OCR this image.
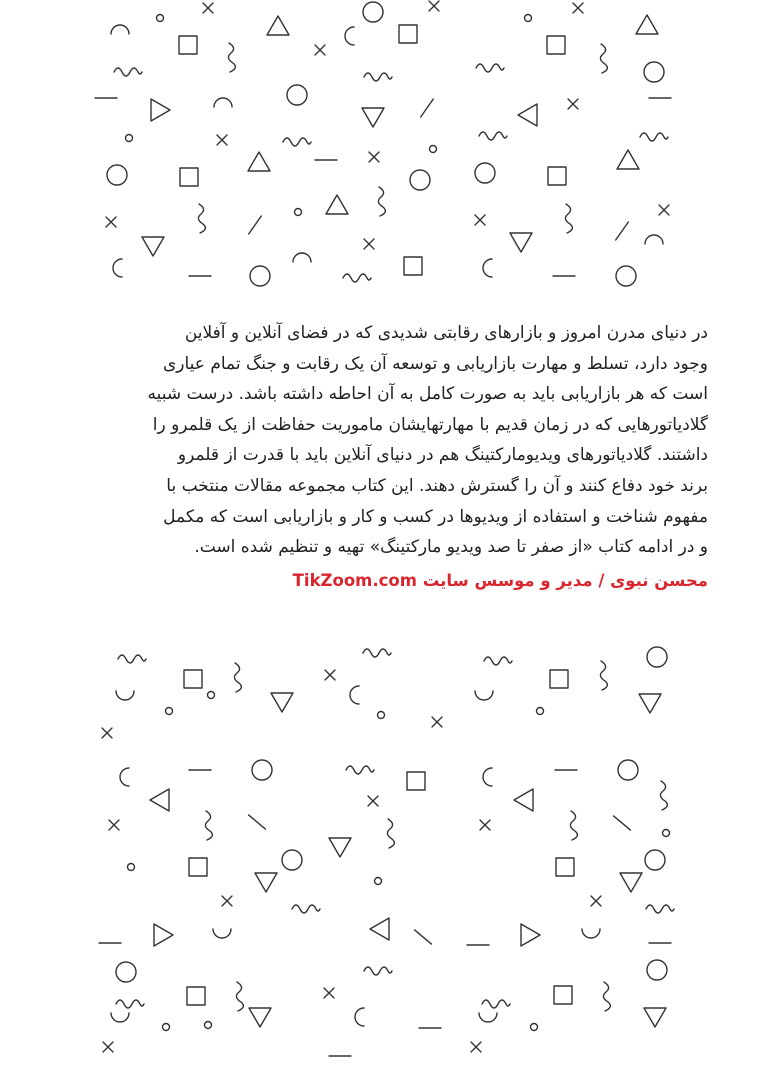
در دنیای مدرن امروز و بازارهای رقابتی شدیدی که در فضای آنلاین و آفلاین
وجود دارد، تسلط و مهارت بازاریابی و توسعه آن یک رقابت و جنگ تمام عیاری
است که هر بازاریابی باید به صورت کامل به آن احاطه داشته باشد. درست شبیه
گلادیاتورهایی که در زمان قدیم با مهارتهایشان ماموریت حفاظت از یک قلمرو را
داشتند. گلادیاتورهای ویدیومارکتینگ هم در دنیای آنلاین باید با قدرت از قلمرو
برند خود دفاع کنند و آن را گسترش دهند. این کتاب مجموعه مقالات منتخب با
مفهوم شناخت و استفاده از ویدیوها در کسب و کار و بازاریابی است که مکمل
و در ادامه کتاب «از صفر تا صد ویدیو مارکتینگ» تهیه و تنظیم شده است.
محسن نبوی / مدیر و موسس سایت TikZoom.com
